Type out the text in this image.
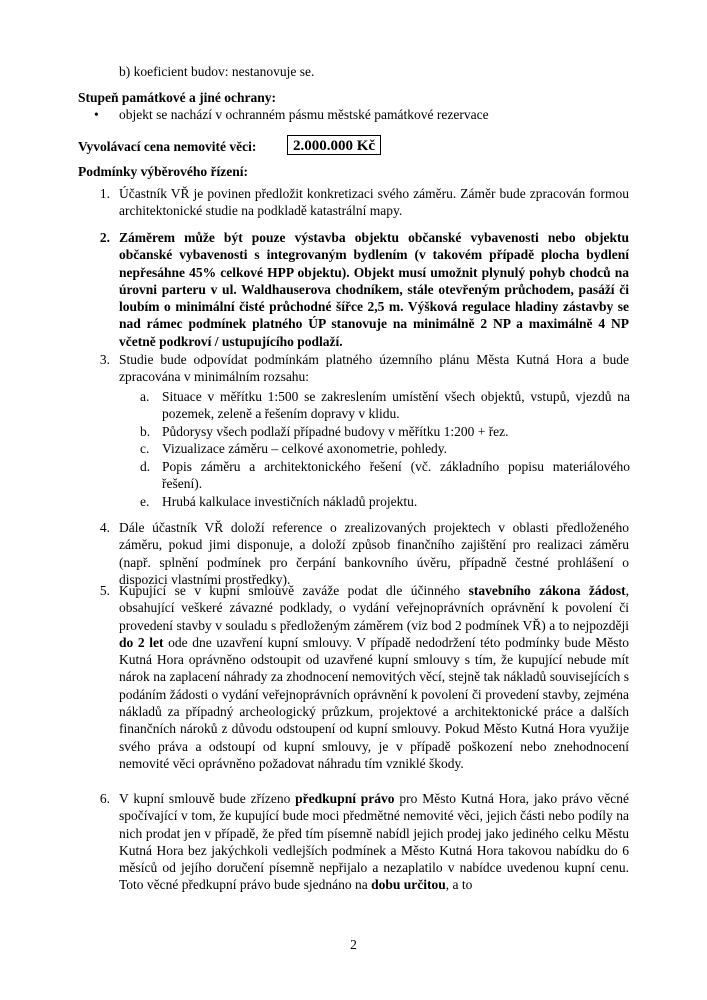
b) koeficient budov: nestanovuje se.

Stupeň památkové a jiné ochrany:

• objekt se nachází v ochranném pásmu městské památkové rezervace

Vyvolávací cena nemovité věci:	2.000.000 Kč

Podmínky výběrového řízení:

1. Účastník VŘ je povinen předložit konkretizaci svého záměru. Záměr bude zpracován formou architektonické studie na podkladě katastrální mapy.

2. Záměrem může být pouze výstavba objektu občanské vybavenosti nebo objektu občanské vybavenosti s integrovaným bydlením (v takovém případě plocha bydlení nepřesáhne 45% celkové HPP objektu). Objekt musí umožnit plynulý pohyb chodců na úrovni parteru v ul. Waldhauserova chodníkem, stále otevřeným průchodem, pasáží či loubím o minimální čisté průchodné šířce 2,5 m. Výšková regulace hladiny zástavby se nad rámec podmínek platného ÚP stanovuje na minimálně 2 NP a maximálně 4 NP včetně podkroví / ustupujícího podlaží.

3. Studie bude odpovídat podmínkám platného územního plánu Města Kutná Hora a bude zpracována v minimálním rozsahu:

a. Situace v měřítku 1:500 se zakreslením umístění všech objektů, vstupů, vjezdů na pozemek, zeleně a řešením dopravy v klidu.

b. Půdorysy všech podlaží případné budovy v měřítku 1:200 + řez.

c. Vizualizace záměru – celkové axonometrie, pohledy.

d. Popis záměru a architektonického řešení (vč. základního popisu materiálového řešení).

e. Hrubá kalkulace investičních nákladů projektu.

4. Dále účastník VŘ doloží reference o zrealizovaných projektech v oblasti předloženého záměru, pokud jimi disponuje, a doloží způsob finančního zajištění pro realizaci záměru (např. splnění podmínek pro čerpání bankovního úvěru, případně čestné prohlášení o dispozici vlastními prostředky).

5. Kupující se v kupní smlouvě zaváže podat dle účinného stavebního zákona žádost, obsahující veškeré závazné podklady, o vydání veřejnoprávních oprávnění k povolení či provedení stavby v souladu s předloženým záměrem (viz bod 2 podmínek VŘ) a to nejpozději do 2 let ode dne uzavření kupní smlouvy. V případě nedodržení této podmínky bude Město Kutná Hora oprávněno odstoupit od uzavřené kupní smlouvy s tím, že kupující nebude mít nárok na zaplacení náhrady za zhodnocení nemovitých věcí, stejně tak nákladů souvisejících s podáním žádosti o vydání veřejnoprávních oprávnění k povolení či provedení stavby, zejména nákladů za případný archeologický průzkum, projektové a architektonické práce a dalších finančních nároků z důvodu odstoupení od kupní smlouvy. Pokud Město Kutná Hora využije svého práva a odstoupí od kupní smlouvy, je v případě poškození nebo znehodnocení nemovité věci oprávněno požadovat náhradu tím vzniklé škody.

6. V kupní smlouvě bude zřízeno předkupní právo pro Město Kutná Hora, jako právo věcné spočívající v tom, že kupující bude moci předmětné nemovité věci, jejich části nebo podíly na nich prodat jen v případě, že před tím písemně nabídl jejich prodej jako jediného celku Městu Kutná Hora bez jakýchkoli vedlejších podmínek a Město Kutná Hora takovou nabídku do 6 měsíců od jejího doručení písemně nepřijalo a nezaplatilo v nabídce uvedenou kupní cenu. Toto věcné předkupní právo bude sjednáno na dobu určitou, a to

2
